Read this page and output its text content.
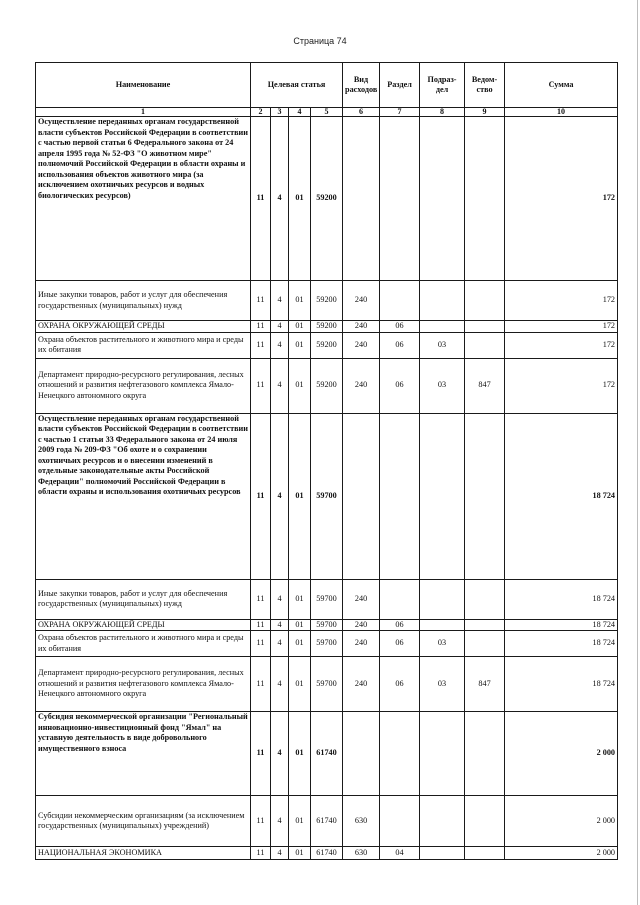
Страница 74
Наименование	Целевая статья				Вид расходов	Раздел	Подраз- дел	Ведом- ство	Сумма
1	2	3	4	5	6	7	8	9	10
Осуществление переданных органам государственной власти субъектов Российской Федерации в соответствии с частью первой статьи 6 Федерального закона от 24 апреля 1995 года № 52-ФЗ "О животном мире" полномочий Российской Федерации в области охраны и использования объектов животного мира (за исключением охотничьих ресурсов и водных биологических ресурсов)	11	4	01	59200					172
Иные закупки товаров, работ и услуг для обеспечения государственных (муниципальных) нужд	11	4	01	59200	240				172
ОХРАНА ОКРУЖАЮЩЕЙ СРЕДЫ	11	4	01	59200	240	06			172
Охрана объектов растительного и животного мира и среды их обитания	11	4	01	59200	240	06	03		172
Департамент природно-ресурсного регулирования, лесных отношений и развития нефтегазового комплекса Ямало-Ненецкого автономного округа	11	4	01	59200	240	06	03	847	172
Осуществление переданных органам государственной власти субъектов Российской Федерации в соответствии с частью 1 статьи 33 Федерального закона от 24 июля 2009 года № 209-ФЗ "Об охоте и о сохранении охотничьих ресурсов и о внесении изменений в отдельные законодательные акты Российской Федерации" полномочий Российской Федерации в области охраны и использования охотничьих ресурсов	11	4	01	59700					18 724
Иные закупки товаров, работ и услуг для обеспечения государственных (муниципальных) нужд	11	4	01	59700	240				18 724
ОХРАНА ОКРУЖАЮЩЕЙ СРЕДЫ	11	4	01	59700	240	06			18 724
Охрана объектов растительного и животного мира и среды их обитания	11	4	01	59700	240	06	03		18 724
Департамент природно-ресурсного регулирования, лесных отношений и развития нефтегазового комплекса Ямало-Ненецкого автономного округа	11	4	01	59700	240	06	03	847	18 724
Субсидия некоммерческой организации "Региональный инновационно-инвестиционный фонд "Ямал" на уставную деятельность в виде добровольного имущественного взноса	11	4	01	61740					2 000
Субсидии некоммерческим организациям (за исключением государственных (муниципальных) учреждений)	11	4	01	61740	630				2 000
НАЦИОНАЛЬНАЯ ЭКОНОМИКА	11	4	01	61740	630	04			2 000
